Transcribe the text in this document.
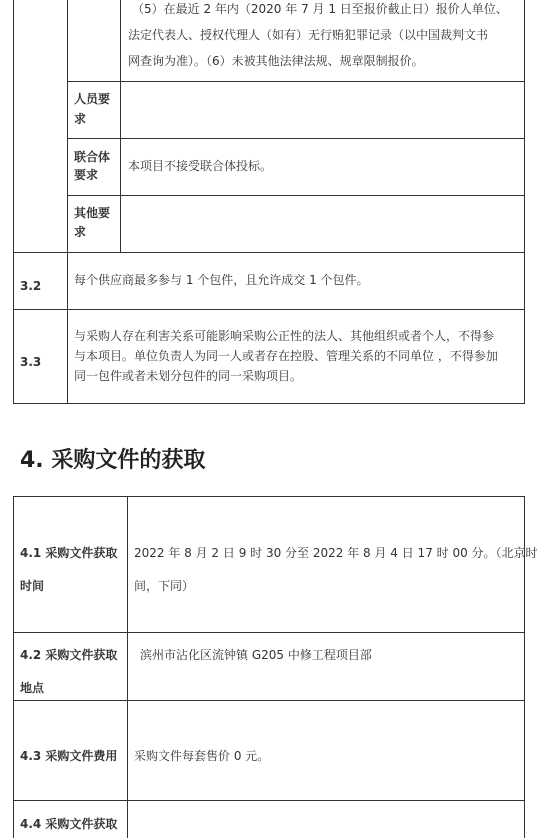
（5）在最近 2 年内（2020 年 7 月 1 日至报价截止日）报价人单位、
法定代表人、授权代理人（如有）无行贿犯罪记录（以中国裁判文书
网查询为准）。（6）未被其他法律法规、规章限制报价。
人员要
求
联合体
要求
本项目不接受联合体投标。
其他要
求
3.2	每个供应商最多参与 1 个包件，且允许成交 1 个包件。
3.3
与采购人存在利害关系可能影响采购公正性的法人、其他组织或者个人，不得参
与本项目。单位负责人为同一人或者存在控股、管理关系的不同单位 ，不得参加
同一包件或者未划分包件的同一采购项目。
4. 采购文件的获取
4.1 采购文件获取
时间
2022 年 8 月 2 日 9 时 30 分至 2022 年 8 月 4 日 17 时 00 分。（北京时
间，下同）
4.2 采购文件获取
地点
滨州市沾化区流钟镇 G205 中修工程项目部
4.3 采购文件费用 采购文件每套售价 0 元。
4.4 采购文件获取
